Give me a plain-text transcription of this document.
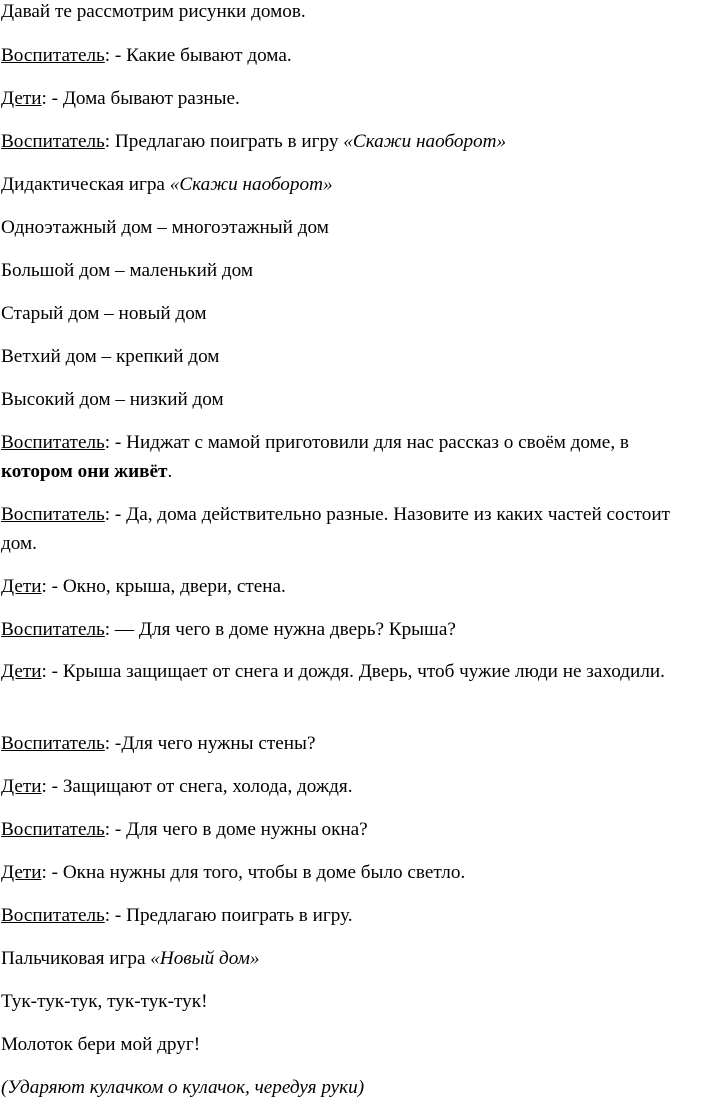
Давай те рассмотрим рисунки домов.
Воспитатель: - Какие бывают дома.
Дети: - Дома бывают разные.
Воспитатель: Предлагаю поиграть в игру «Скажи наоборот»
Дидактическая игра «Скажи наоборот»
Одноэтажный дом – многоэтажный дом
Большой дом – маленький дом
Старый дом – новый дом
Ветхий дом – крепкий дом
Высокий дом – низкий дом
Воспитатель: - Ниджат с мамой приготовили для нас рассказ о своём доме, в котором они живёт.
Воспитатель: - Да, дома действительно разные. Назовите из каких частей состоит дом.
Дети: - Окно, крыша, двери, стена.
Воспитатель: — Для чего в доме нужна дверь? Крыша?
Дети: - Крыша защищает от снега и дождя. Дверь, чтоб чужие люди не заходили.
Воспитатель: -Для чего нужны стены?
Дети: - Защищают от снега, холода, дождя.
Воспитатель: - Для чего в доме нужны окна?
Дети: - Окна нужны для того, чтобы в доме было светло.
Воспитатель: - Предлагаю поиграть в игру.
Пальчиковая игра «Новый дом»
Тук-тук-тук, тук-тук-тук!
Молоток бери мой друг!
(Ударяют кулачком о кулачок, чередуя руки)
